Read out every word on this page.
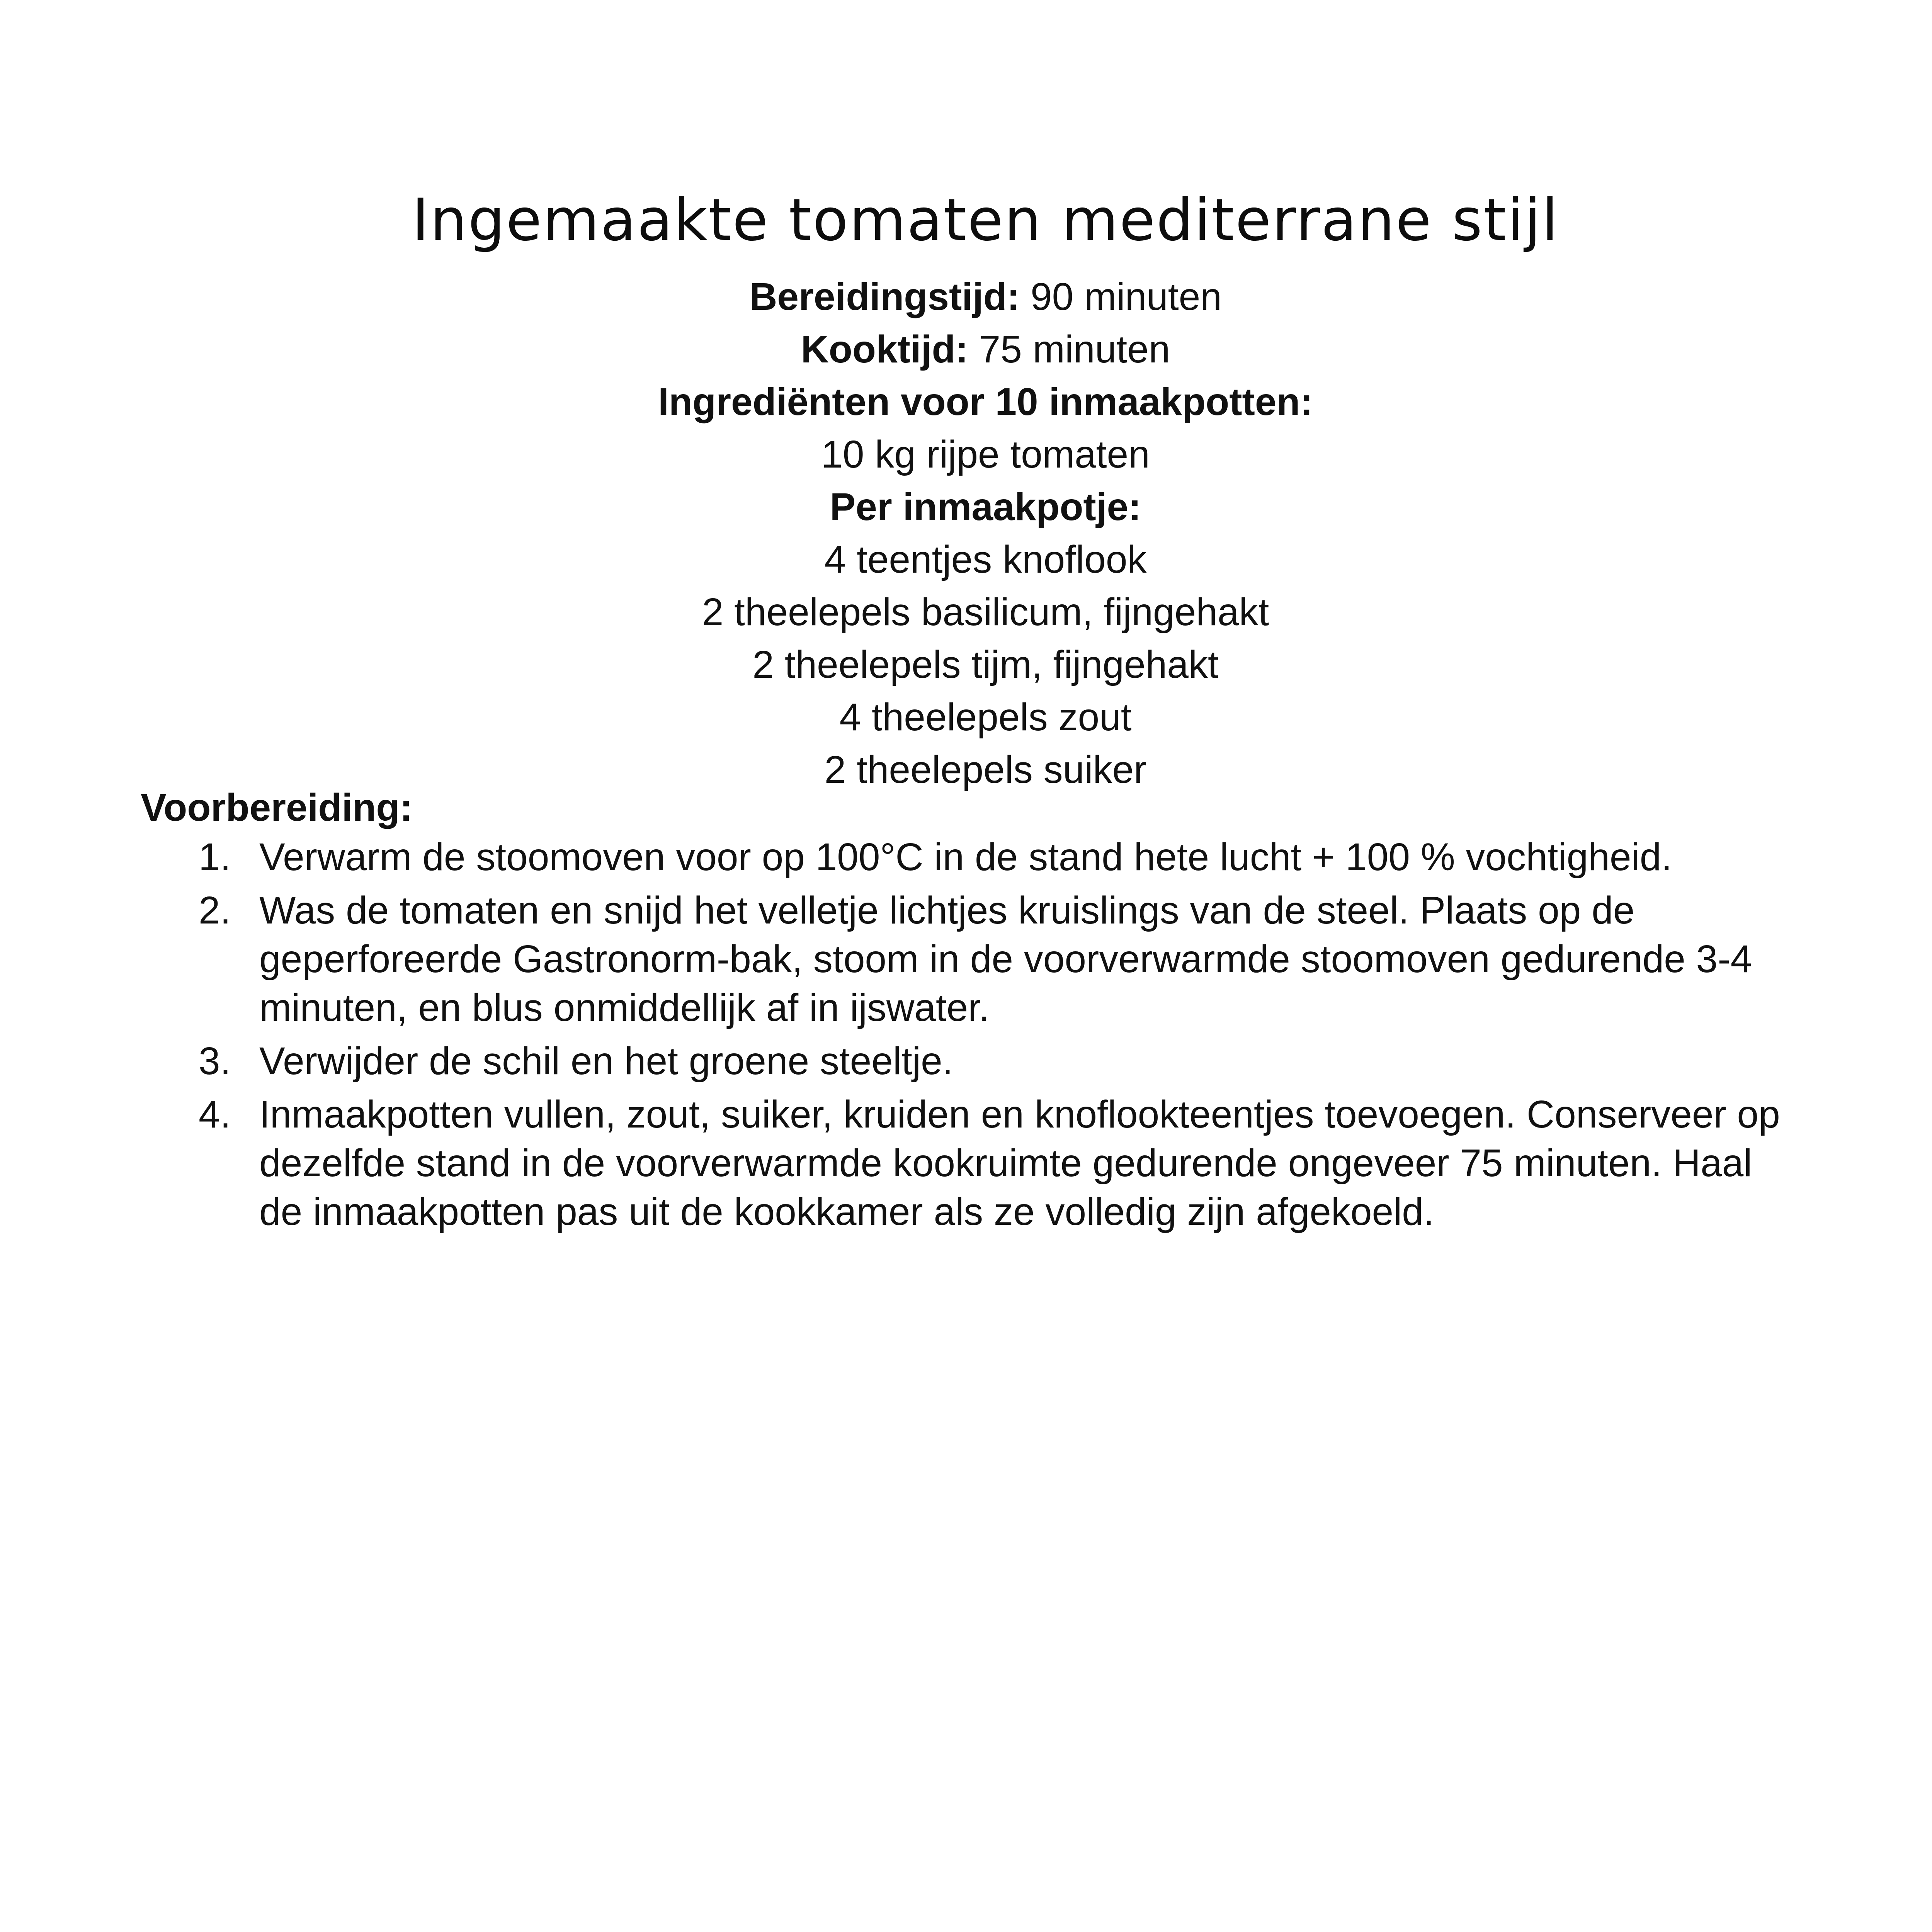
Ingemaakte tomaten mediterrane stijl

Bereidingstijd: 90 minuten

Kooktijd: 75 minuten

Ingrediënten voor 10 inmaakpotten:

10 kg rijpe tomaten

Per inmaakpotje:

4 teentjes knoflook

2 theelepels basilicum, fijngehakt

2 theelepels tijm, fijngehakt

4 theelepels zout

2 theelepels suiker

Voorbereiding:

1. Verwarm de stoomoven voor op 100°C in de stand hete lucht + 100 % vochtigheid.
2. Was de tomaten en snijd het velletje lichtjes kruislings van de steel. Plaats op de geperforeerde Gastronorm-bak, stoom in de voorverwarmde stoomoven gedurende 3-4 minuten, en blus onmiddellijk af in ijswater.
3. Verwijder de schil en het groene steeltje.
4. Inmaakpotten vullen, zout, suiker, kruiden en knoflookteentjes toevoegen. Conserveer op dezelfde stand in de voorverwarmde kookruimte gedurende ongeveer 75 minuten. Haal de inmaakpotten pas uit de kookkamer als ze volledig zijn afgekoeld.
